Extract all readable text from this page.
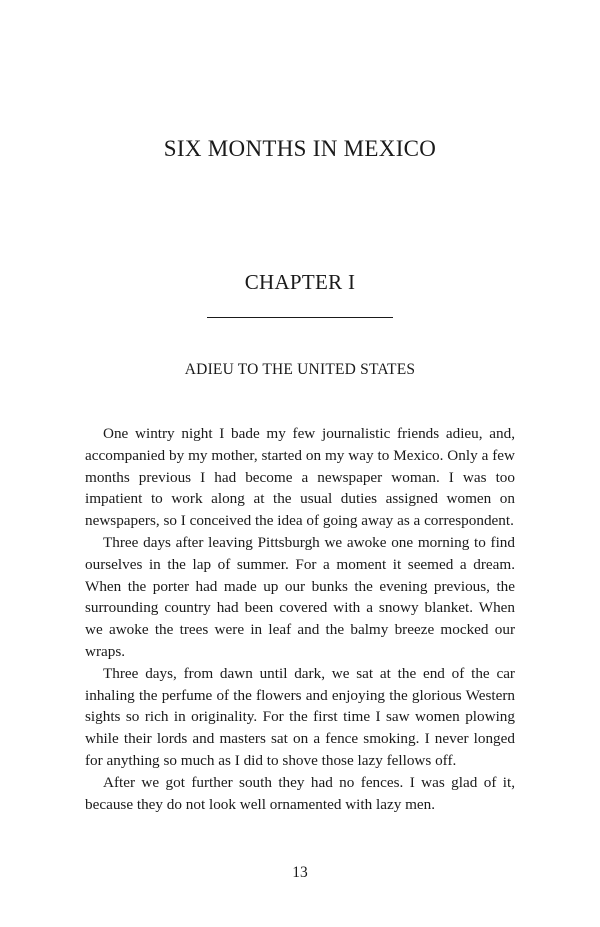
SIX MONTHS IN MEXICO
CHAPTER I
ADIEU TO THE UNITED STATES

One wintry night I bade my few journalistic friends adieu, and, accompanied by my mother, started on my way to Mexico. Only a few months previous I had become a newspaper woman. I was too impatient to work along at the usual duties assigned women on newspapers, so I conceived the idea of going away as a correspondent.

Three days after leaving Pittsburgh we awoke one morning to find ourselves in the lap of summer. For a moment it seemed a dream. When the porter had made up our bunks the evening previous, the surrounding country had been covered with a snowy blanket. When we awoke the trees were in leaf and the balmy breeze mocked our wraps.

Three days, from dawn until dark, we sat at the end of the car inhaling the perfume of the flowers and enjoying the glorious Western sights so rich in originality. For the first time I saw women plowing while their lords and masters sat on a fence smoking. I never longed for anything so much as I did to shove those lazy fellows off.

After we got further south they had no fences. I was glad of it, because they do not look well ornamented with lazy men.

13
